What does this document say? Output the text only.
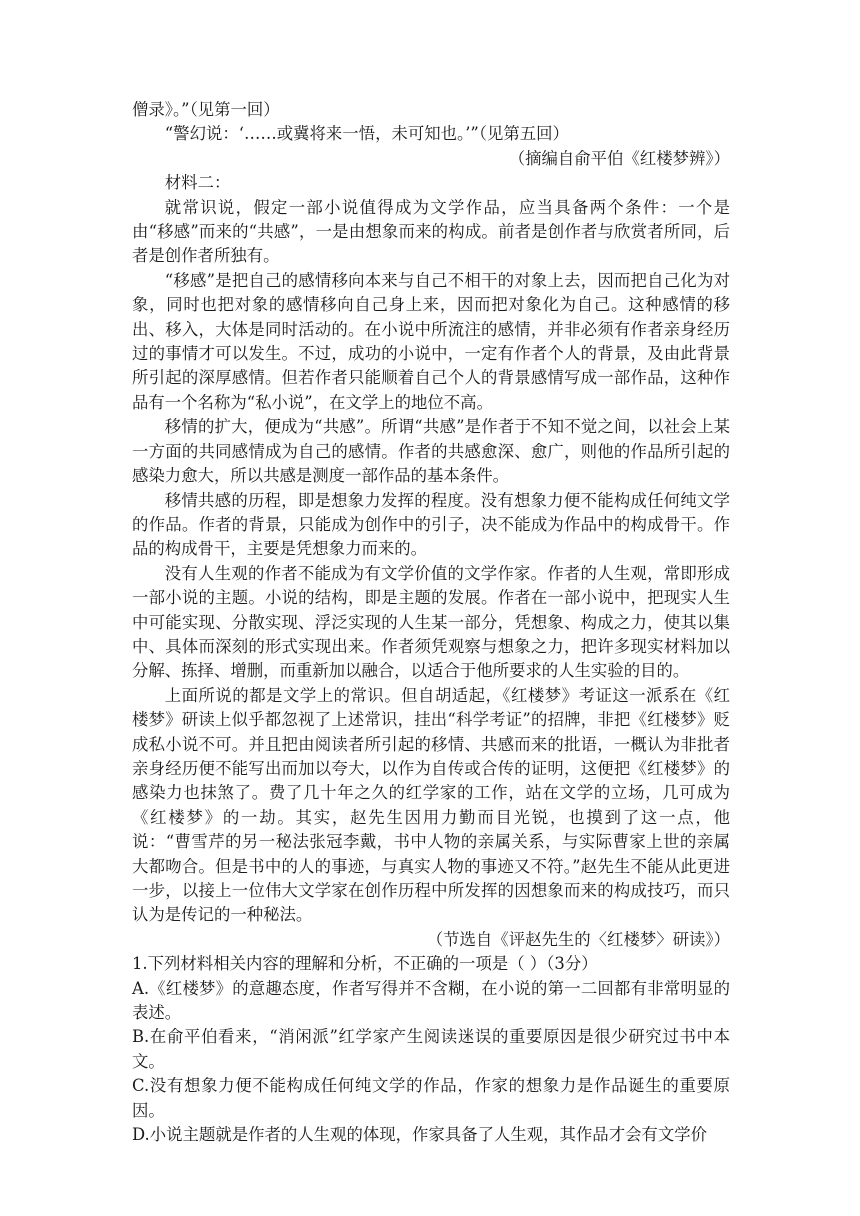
僧录》。”（见第一回）

“警幻说：‘……或冀将来一悟，未可知也。’”（见第五回）

（摘编自俞平伯《红楼梦辨》）

材料二：

就常识说，假定一部小说值得成为文学作品，应当具备两个条件：一个是由“移感”而来的“共感”，一是由想象而来的构成。前者是创作者与欣赏者所同，后者是创作者所独有。

“移感”是把自己的感情移向本来与自己不相干的对象上去，因而把自己化为对象，同时也把对象的感情移向自己身上来，因而把对象化为自己。这种感情的移出、移入，大体是同时活动的。在小说中所流注的感情，并非必须有作者亲身经历过的事情才可以发生。不过，成功的小说中，一定有作者个人的背景，及由此背景所引起的深厚感情。但若作者只能顺着自己个人的背景感情写成一部作品，这种作品有一个名称为“私小说”，在文学上的地位不高。

移情的扩大，便成为“共感”。所谓“共感”是作者于不知不觉之间，以社会上某一方面的共同感情成为自己的感情。作者的共感愈深、愈广，则他的作品所引起的感染力愈大，所以共感是测度一部作品的基本条件。

移情共感的历程，即是想象力发挥的程度。没有想象力便不能构成任何纯文学的作品。作者的背景，只能成为创作中的引子，决不能成为作品中的构成骨干。作品的构成骨干，主要是凭想象力而来的。

没有人生观的作者不能成为有文学价值的文学作家。作者的人生观，常即形成一部小说的主题。小说的结构，即是主题的发展。作者在一部小说中，把现实人生中可能实现、分散实现、浮泛实现的人生某一部分，凭想象、构成之力，使其以集中、具体而深刻的形式实现出来。作者须凭观察与想象之力，把许多现实材料加以分解、拣择、增删，而重新加以融合，以适合于他所要求的人生实验的目的。

上面所说的都是文学上的常识。但自胡适起，《红楼梦》考证这一派系在《红楼梦》研读上似乎都忽视了上述常识，挂出“科学考证”的招牌，非把《红楼梦》贬成私小说不可。并且把由阅读者所引起的移情、共感而来的批语，一概认为非批者亲身经历便不能写出而加以夸大，以作为自传或合传的证明，这便把《红楼梦》的感染力也抹煞了。费了几十年之久的红学家的工作，站在文学的立场，几可成为《红楼梦》的一劫。其实，赵先生因用力勤而目光锐，也摸到了这一点，他说：“曹雪芹的另一秘法张冠李戴，书中人物的亲属关系，与实际曹家上世的亲属大都吻合。但是书中的人的事迹，与真实人物的事迹又不符。”赵先生不能从此更进一步，以接上一位伟大文学家在创作历程中所发挥的因想象而来的构成技巧，而只认为是传记的一种秘法。

（节选自《评赵先生的〈红楼梦〉研读》）

1.下列材料相关内容的理解和分析，不正确的一项是（ ）（3分）

A.《红楼梦》的意趣态度，作者写得并不含糊，在小说的第一二回都有非常明显的表述。

B.在俞平伯看来，“消闲派”红学家产生阅读迷误的重要原因是很少研究过书中本文。

C.没有想象力便不能构成任何纯文学的作品，作家的想象力是作品诞生的重要原因。

D.小说主题就是作者的人生观的体现，作家具备了人生观，其作品才会有文学价
